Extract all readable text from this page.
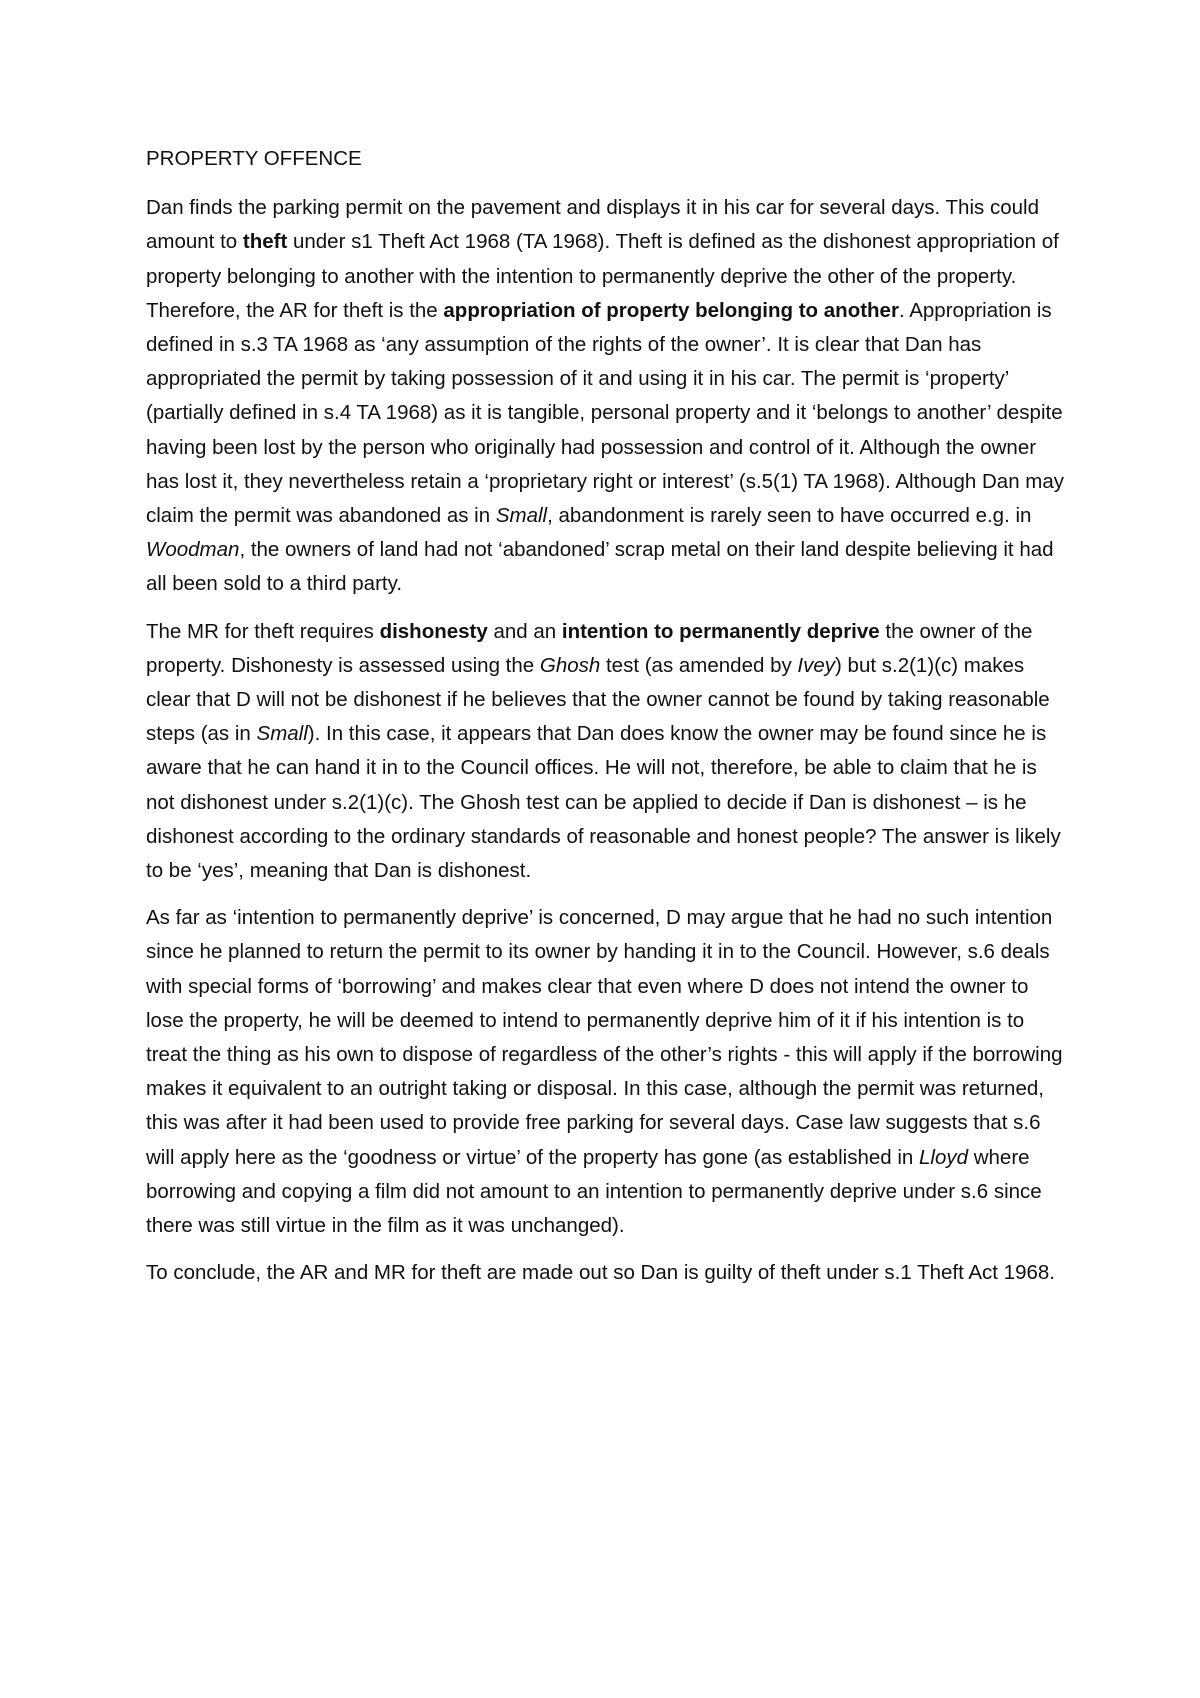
PROPERTY OFFENCE

Dan finds the parking permit on the pavement and displays it in his car for several days. This could amount to theft under s1 Theft Act 1968 (TA 1968). Theft is defined as the dishonest appropriation of property belonging to another with the intention to permanently deprive the other of the property. Therefore, the AR for theft is the appropriation of property belonging to another. Appropriation is defined in s.3 TA 1968 as ‘any assumption of the rights of the owner’. It is clear that Dan has appropriated the permit by taking possession of it and using it in his car. The permit is ‘property’ (partially defined in s.4 TA 1968) as it is tangible, personal property and it ‘belongs to another’ despite having been lost by the person who originally had possession and control of it. Although the owner has lost it, they nevertheless retain a ‘proprietary right or interest’ (s.5(1) TA 1968). Although Dan may claim the permit was abandoned as in Small, abandonment is rarely seen to have occurred e.g. in Woodman, the owners of land had not ‘abandoned’ scrap metal on their land despite believing it had all been sold to a third party.

The MR for theft requires dishonesty and an intention to permanently deprive the owner of the property. Dishonesty is assessed using the Ghosh test (as amended by Ivey) but s.2(1)(c) makes clear that D will not be dishonest if he believes that the owner cannot be found by taking reasonable steps (as in Small). In this case, it appears that Dan does know the owner may be found since he is aware that he can hand it in to the Council offices. He will not, therefore, be able to claim that he is not dishonest under s.2(1)(c). The Ghosh test can be applied to decide if Dan is dishonest – is he dishonest according to the ordinary standards of reasonable and honest people? The answer is likely to be ‘yes’, meaning that Dan is dishonest.

As far as ‘intention to permanently deprive’ is concerned, D may argue that he had no such intention since he planned to return the permit to its owner by handing it in to the Council. However, s.6 deals with special forms of ‘borrowing’ and makes clear that even where D does not intend the owner to lose the property, he will be deemed to intend to permanently deprive him of it if his intention is to treat the thing as his own to dispose of regardless of the other’s rights - this will apply if the borrowing makes it equivalent to an outright taking or disposal. In this case, although the permit was returned, this was after it had been used to provide free parking for several days. Case law suggests that s.6 will apply here as the ‘goodness or virtue’ of the property has gone (as established in Lloyd where borrowing and copying a film did not amount to an intention to permanently deprive under s.6 since there was still virtue in the film as it was unchanged).

To conclude, the AR and MR for theft are made out so Dan is guilty of theft under s.1 Theft Act 1968.
